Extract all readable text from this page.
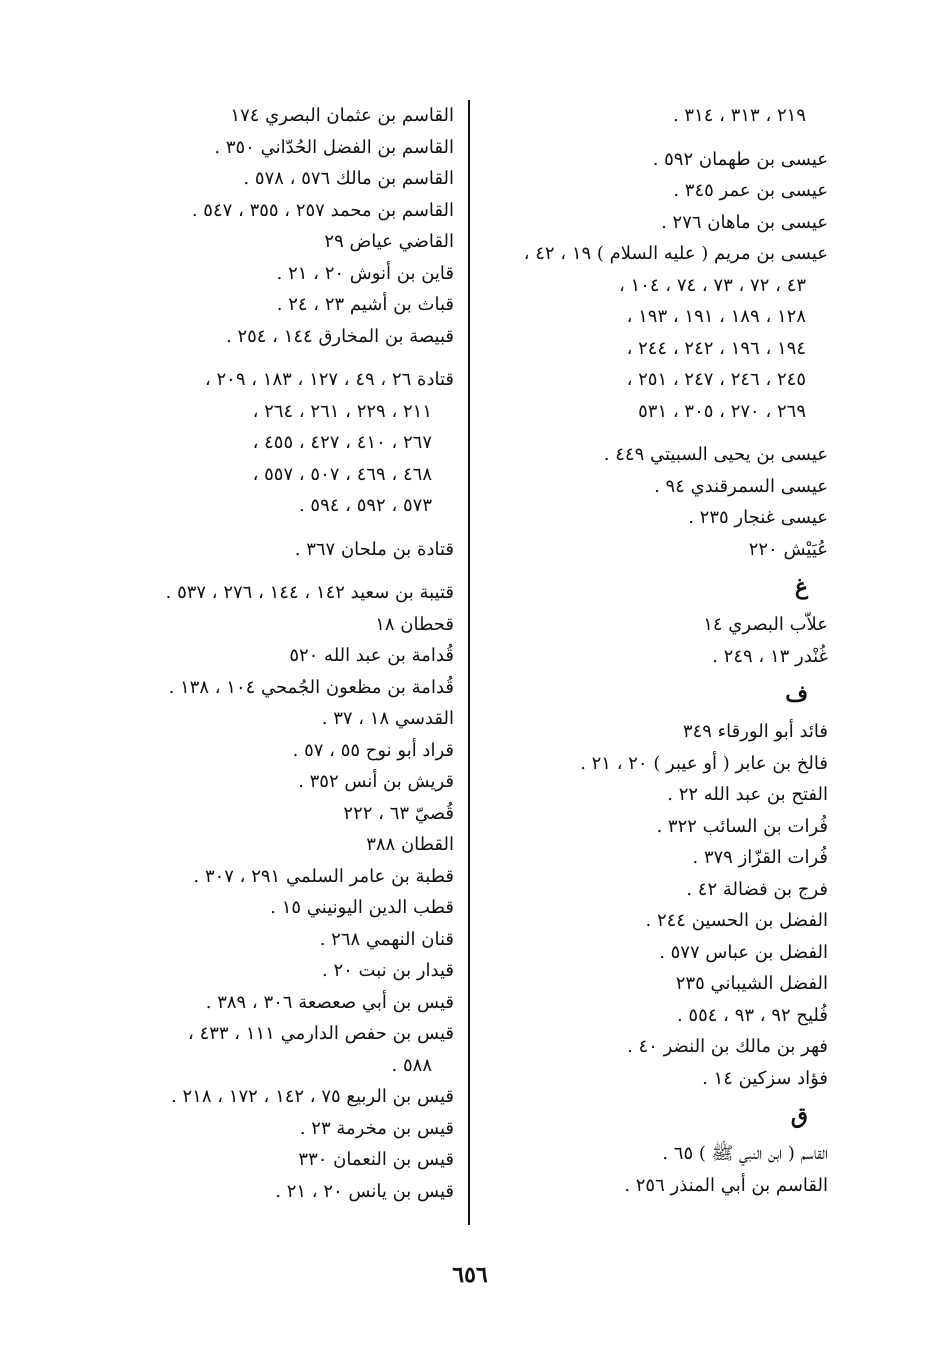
٢١٩ ، ٣١٣ ، ٣١٤ .
عيسى بن طهمان ٥٩٢ .
عيسى بن عمر ٣٤٥ .
عيسى بن ماهان ٢٧٦ .
عيسى بن مريم ( عليه السلام ) ١٩ ، ٤٢ ،
٤٣ ، ٧٢ ، ٧٣ ، ٧٤ ، ١٠٤ ،
١٢٨ ، ١٨٩ ، ١٩١ ، ١٩٣ ،
١٩٤ ، ١٩٦ ، ٢٤٢ ، ٢٤٤ ،
٢٤٥ ، ٢٤٦ ، ٢٤٧ ، ٢٥١ ،
٢٦٩ ، ٢٧٠ ، ٣٠٥ ، ٥٣١
عيسى بن يحيى السبيتي ٤٤٩ .
عيسى السمرقندي ٩٤ .
عيسى غنجار ٢٣٥ .
عُيَيْش ٢٢٠
غ
علاّب البصري ١٤
غُنْدر ١٣ ، ٢٤٩ .
ف
فائد أبو الورقاء ٣٤٩
فالخ بن عابر ( أو عيبر ) ٢٠ ، ٢١ .
الفتح بن عبد الله ٢٢ .
فُرات بن السائب ٣٢٢ .
فُرات القزّاز ٣٧٩ .
فرج بن فضالة ٤٢ .
الفضل بن الحسين ٢٤٤ .
الفضل بن عباس ٥٧٧ .
الفضل الشيباني ٢٣٥
فُليح ٩٢ ، ٩٣ ، ٥٥٤ .
فهر بن مالك بن النضر ٤٠ .
فؤاد سزكين ١٤ .
ق
القاسم ( ابن النبي ﷺ ) ٦٥ .
القاسم بن أبي المنذر ٢٥٦ .
القاسم بن عثمان البصري ١٧٤
القاسم بن الفضل الحُدّاني ٣٥٠ .
القاسم بن مالك ٥٧٦ ، ٥٧٨ .
القاسم بن محمد ٢٥٧ ، ٣٥٥ ، ٥٤٧ .
القاضي عياض ٢٩
قاين بن أنوش ٢٠ ، ٢١ .
قباث بن أشيم ٢٣ ، ٢٤ .
قبيصة بن المخارق ١٤٤ ، ٢٥٤ .
قتادة ٢٦ ، ٤٩ ، ١٢٧ ، ١٨٣ ، ٢٠٩ ،
٢١١ ، ٢٢٩ ، ٢٦١ ، ٢٦٤ ،
٢٦٧ ، ٤١٠ ، ٤٢٧ ، ٤٥٥ ،
٤٦٨ ، ٤٦٩ ، ٥٠٧ ، ٥٥٧ ،
٥٧٣ ، ٥٩٢ ، ٥٩٤ .
قتادة بن ملحان ٣٦٧ .
قتيبة بن سعيد ١٤٢ ، ١٤٤ ، ٢٧٦ ، ٥٣٧ .
قحطان ١٨
قُدامة بن عبد الله ٥٢٠
قُدامة بن مظعون الجُمحي ١٠٤ ، ١٣٨ .
القدسي ١٨ ، ٣٧ .
قراد أبو نوح ٥٥ ، ٥٧ .
قريش بن أنس ٣٥٢ .
قُصيّ ٦٣ ، ٢٢٢
القطان ٣٨٨
قطبة بن عامر السلمي ٢٩١ ، ٣٠٧ .
قطب الدين اليونيني ١٥ .
قنان النهمي ٢٦٨ .
قيدار بن نبت ٢٠ .
قيس بن أبي صعصعة ٣٠٦ ، ٣٨٩ .
قيس بن حفص الدارمي ١١١ ، ٤٣٣ ،
٥٨٨ .
قيس بن الربيع ٧٥ ، ١٤٢ ، ١٧٢ ، ٢١٨ .
قيس بن مخرمة ٢٣ .
قيس بن النعمان ٣٣٠
قيس بن يانس ٢٠ ، ٢١ .
٦٥٦
